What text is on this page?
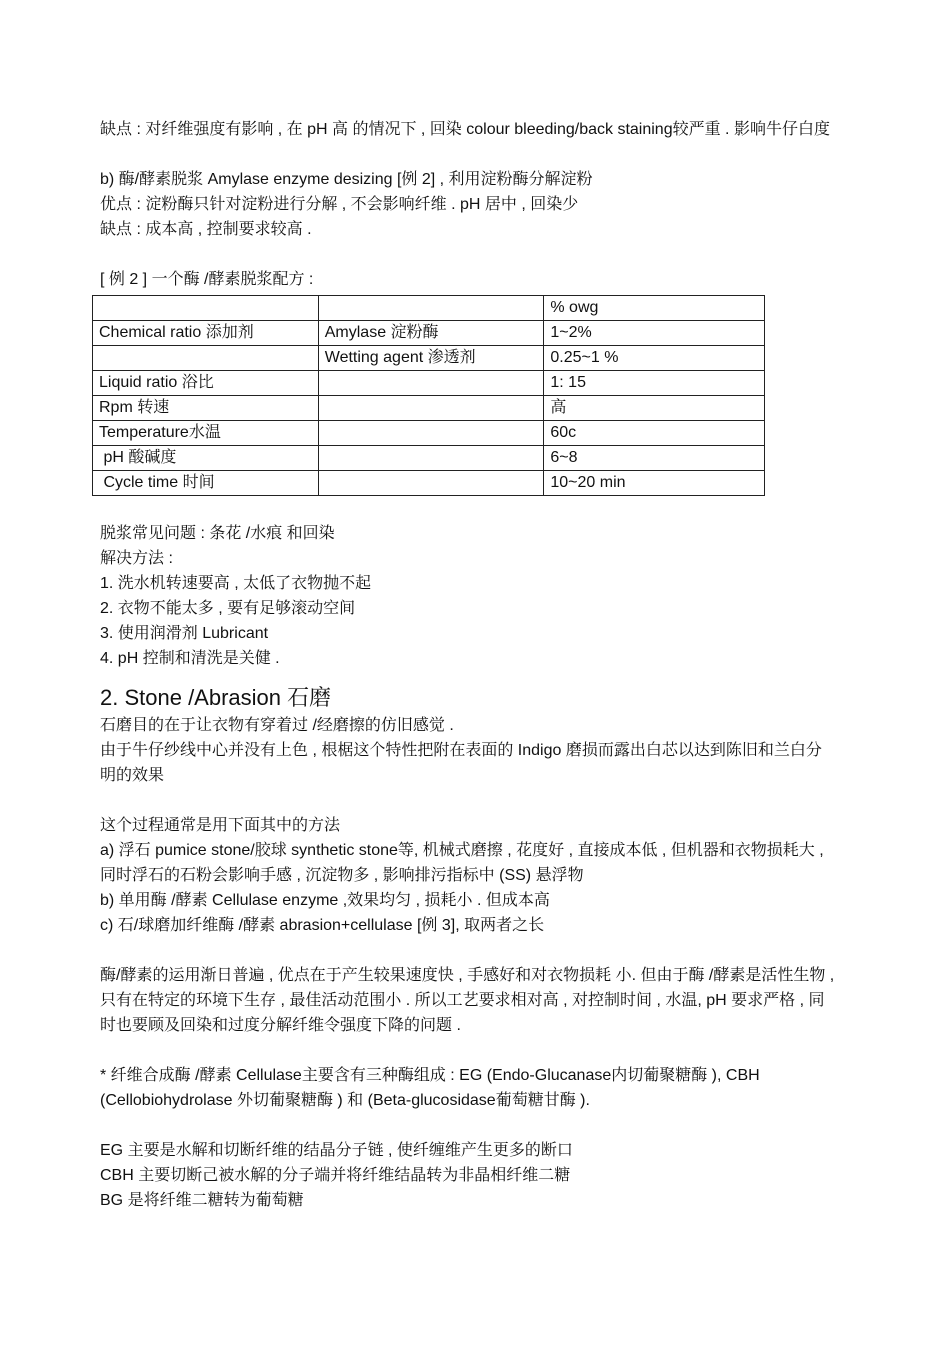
缺点 : 对纤维强度有影响 , 在 pH 高 的情况下 , 回染 colour bleeding/back staining较严重 . 影响牛仔白度

b) 酶/酵素脱浆 Amylase enzyme desizing [例 2] , 利用淀粉酶分解淀粉

优点 : 淀粉酶只针对淀粉进行分解 , 不会影响纤维 . pH 居中 , 回染少

缺点 : 成本高 , 控制要求较高 .

[ 例 2 ] 一个酶 /酵素脱浆配方 :

		% owg
Chemical ratio 添加剂	Amylase 淀粉酶	1~2%
	Wetting agent 渗透剂	0.25~1 %
Liquid ratio 浴比		1: 15
Rpm 转速		高
Temperature水温		60c
pH 酸碱度		6~8
Cycle time 时间		10~20 min

脱浆常见问题 : 条花 /水痕 和回染

解决方法 :

1. 洗水机转速要高 , 太低了衣物抛不起

2. 衣物不能太多 , 要有足够滚动空间

3. 使用润滑剂 Lubricant

4. pH 控制和清洗是关健 .

2. Stone /Abrasion 石磨

石磨目的在于让衣物有穿着过 /经磨擦的仿旧感觉 .

由于牛仔纱线中心并没有上色 , 根椐这个特性把附在表面的 Indigo 磨损而露出白芯以达到陈旧和兰白分明的效果

这个过程通常是用下面其中的方法

a) 浮石 pumice stone/胶球 synthetic stone等, 机械式磨擦 , 花度好 , 直接成本低 , 但机器和衣物损耗大 , 同时浮石的石粉会影响手感 , 沉淀物多 , 影响排污指标中 (SS) 悬浮物

b) 单用酶 /酵素 Cellulase enzyme ,效果均匀 , 损耗小 . 但成本高

c) 石/球磨加纤维酶 /酵素 abrasion+cellulase [例 3], 取两者之长

酶/酵素的运用渐日普遍 , 优点在于产生较果速度快 , 手感好和对衣物损耗 小. 但由于酶 /酵素是活性生物 , 只有在特定的环境下生存 , 最佳活动范围小 . 所以工艺要求相对高 , 对控制时间 , 水温, pH 要求严格 , 同时也要顾及回染和过度分解纤维令强度下降的问题 .

* 纤维合成酶 /酵素 Cellulase主要含有三种酶组成 : EG (Endo-Glucanase内切葡聚糖酶 ), CBH (Cellobiohydrolase 外切葡聚糖酶 ) 和 (Beta-glucosidase葡萄糖甘酶 ).

EG 主要是水解和切断纤维的结晶分子链 , 使纤缠维产生更多的断口

CBH 主要切断己被水解的分子端并将纤维结晶转为非晶相纤维二糖

BG 是将纤维二糖转为葡萄糖
